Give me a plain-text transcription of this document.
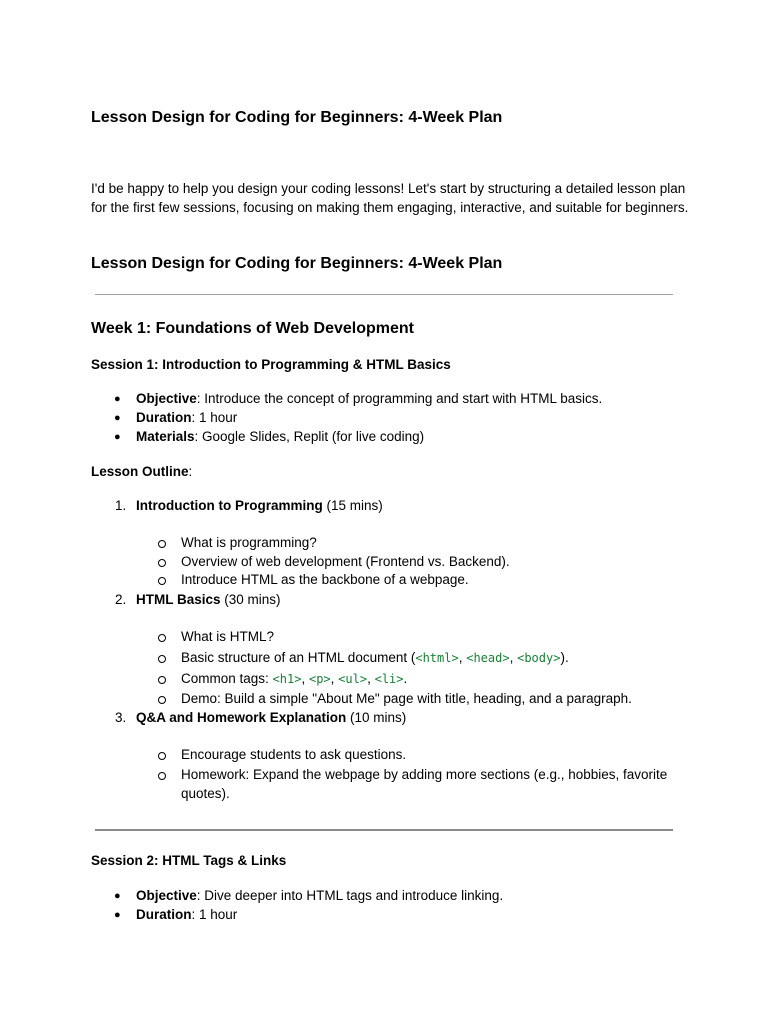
Lesson Design for Coding for Beginners: 4-Week Plan

I'd be happy to help you design your coding lessons! Let's start by structuring a detailed lesson plan for the first few sessions, focusing on making them engaging, interactive, and suitable for beginners.

Lesson Design for Coding for Beginners: 4-Week Plan

Week 1: Foundations of Web Development

Session 1: Introduction to Programming & HTML Basics

● Objective: Introduce the concept of programming and start with HTML basics.

● Duration: 1 hour

● Materials: Google Slides, Replit (for live coding)

Lesson Outline:

1. Introduction to Programming (15 mins)

What is programming?

Overview of web development (Frontend vs. Backend).

Introduce HTML as the backbone of a webpage.

2. HTML Basics (30 mins)

What is HTML?

Basic structure of an HTML document (<html>, <head>, <body>).

Common tags: <h1>, <p>, <ul>, <li>.

Demo: Build a simple "About Me" page with title, heading, and a paragraph.

3. Q&A and Homework Explanation (10 mins)

Encourage students to ask questions.

Homework: Expand the webpage by adding more sections (e.g., hobbies, favorite

quotes).

Session 2: HTML Tags & Links

● Objective: Dive deeper into HTML tags and introduce linking.

● Duration: 1 hour
